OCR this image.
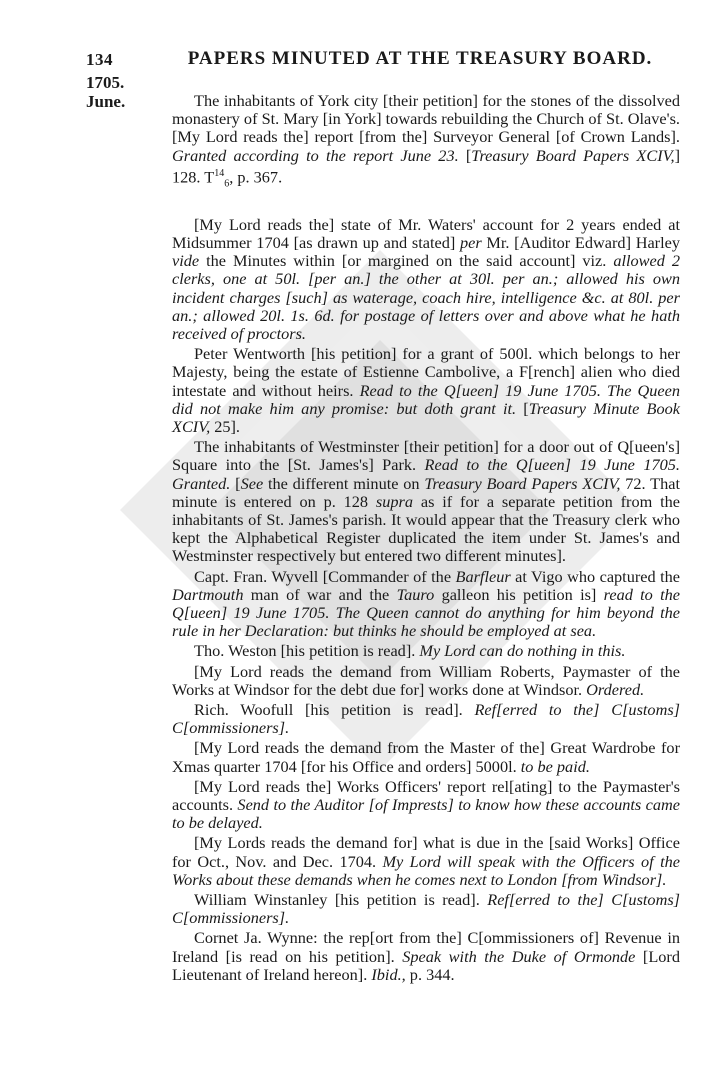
134	PAPERS MINUTED AT THE TREASURY BOARD.
1705.
June.	The inhabitants of York city [their petition] for the stones of the dissolved monastery of St. Mary [in York] towards rebuilding the Church of St. Olave's. [My Lord reads the] report [from the] Surveyor General [of Crown Lands]. Granted according to the report June 23. [Treasury Board Papers XCIV,] 128. $T^{14}_6$, p. 367.

[My Lord reads the] state of Mr. Waters' account for 2 years ended at Midsummer 1704 [as drawn up and stated] per Mr. [Auditor Edward] Harley vide the Minutes within [or margined on the said account] viz. allowed 2 clerks, one at 50l. [per an.] the other at 30l. per an.; allowed his own incident charges [such] as waterage, coach hire, intelligence &c. at 80l. per an.; allowed 20l. 1s. 6d. for postage of letters over and above what he hath received of proctors.

Peter Wentworth [his petition] for a grant of 500l. which belongs to her Majesty, being the estate of Estienne Cambolive, a F[rench] alien who died intestate and without heirs. Read to the Q[ueen] 19 June 1705. The Queen did not make him any promise: but doth grant it. [Treasury Minute Book XCIV, 25].

The inhabitants of Westminster [their petition] for a door out of Q[ueen's] Square into the [St. James's] Park. Read to the Q[ueen] 19 June 1705. Granted. [See the different minute on Treasury Board Papers XCIV, 72. That minute is entered on p. 128 supra as if for a separate petition from the inhabitants of St. James's parish. It would appear that the Treasury clerk who kept the Alphabetical Register duplicated the item under St. James's and Westminster respectively but entered two different minutes].

Capt. Fran. Wyvell [Commander of the Barfleur at Vigo who captured the Dartmouth man of war and the Tauro galleon his petition is] read to the Q[ueen] 19 June 1705. The Queen cannot do anything for him beyond the rule in her Declaration: but thinks he should be employed at sea.

Tho. Weston [his petition is read]. My Lord can do nothing in this.

[My Lord reads the demand from William Roberts, Paymaster of the Works at Windsor for the debt due for] works done at Windsor. Ordered.

Rich. Woofull [his petition is read]. Ref[erred to the] C[ustoms] C[ommissioners].

[My Lord reads the demand from the Master of the] Great Wardrobe for Xmas quarter 1704 [for his Office and orders] 5000l. to be paid.

[My Lord reads the] Works Officers' report rel[ating] to the Paymaster's accounts. Send to the Auditor [of Imprests] to know how these accounts came to be delayed.

[My Lords reads the demand for] what is due in the [said Works] Office for Oct., Nov. and Dec. 1704. My Lord will speak with the Officers of the Works about these demands when he comes next to London [from Windsor].

William Winstanley [his petition is read]. Ref[erred to the] C[ustoms] C[ommissioners].

Cornet Ja. Wynne: the rep[ort from the] C[ommissioners of] Revenue in Ireland [is read on his petition]. Speak with the Duke of Ormonde [Lord Lieutenant of Ireland hereon]. Ibid., p. 344.
